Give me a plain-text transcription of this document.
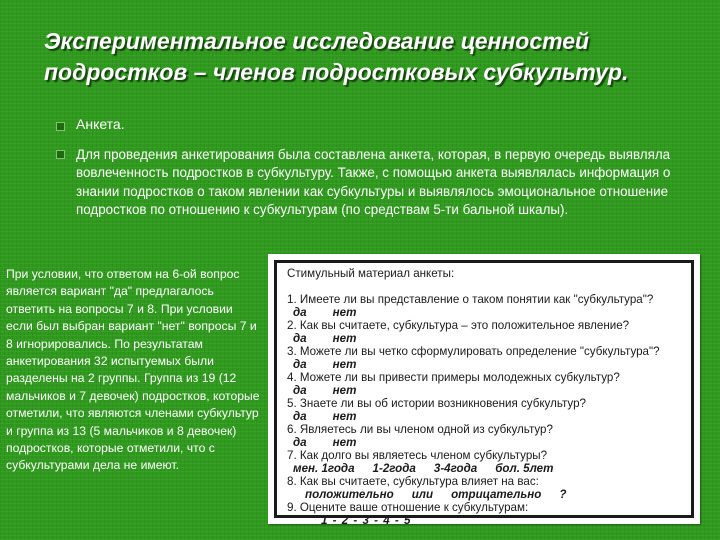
Экспериментальное исследование ценностей подростков – членов подростковых субкультур.
Анкета.
Для проведения анкетирования была составлена анкета, которая, в первую очередь выявляла вовлеченность подростков в субкультуру. Также, с помощью анкета выявлялась информация о знании подростков о таком явлении как субкультуры и выявлялось эмоциональное отношение подростков по отношению к субкультурам (по средствам 5-ти бальной шкалы).
При условии, что ответом на 6-ой вопрос является вариант "да" предлагалось ответить на вопросы 7 и 8. При условии если был выбран вариант "нет" вопросы 7 и 8 игнорировались. По результатам анкетирования 32 испытуемых были разделены на 2 группы. Группа из 19 (12 мальчиков и 7 девочек) подростков, которые отметили, что являются членами субкультур и группа из 13 (5 мальчиков и 8 девочек) подростков, которые отметили, что с субкультурами дела не имеют.
Стимульный материал анкеты:
1. Имеете ли вы представление о таком понятии как "субкультура"?
да нет
2. Как вы считаете, субкультура – это положительное явление?
да нет
3. Можете ли вы четко сформулировать определение "субкультура"?
да нет
4. Можете ли вы привести примеры молодежных субкультур?
да нет
5. Знаете ли вы об истории возникновения субкультур?
да нет
6. Являетесь ли вы членом одной из субкультур?
да нет
7. Как долго вы являетесь членом субкультуры?
мен. 1года 1-2года 3-4года бол. 5лет
8. Как вы считаете, субкультура влияет на вас:
положительно или отрицательно ?
9. Оцените ваше отношение к субкультурам:
1 - 2 - 3 - 4 - 5
